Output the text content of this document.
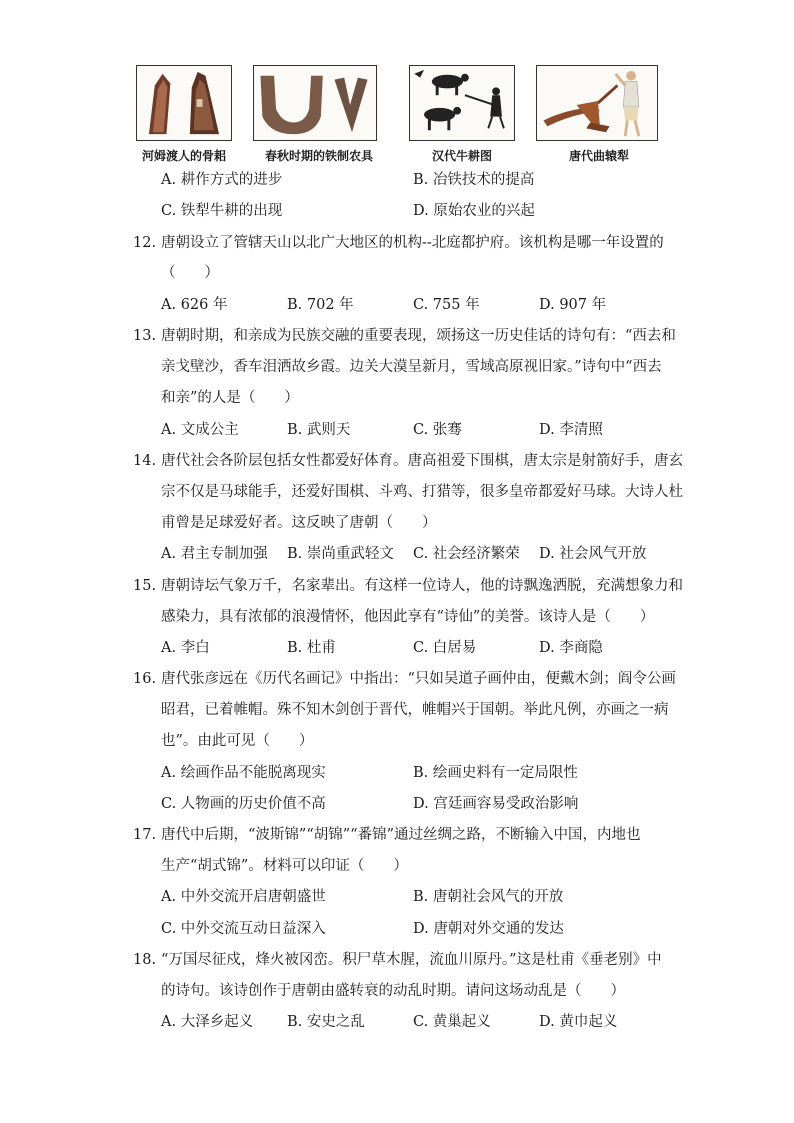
河姆渡人的骨耜	春秋时期的铁制农具	汉代牛耕图	唐代曲辕犁
A. 耕作方式的进步	B. 冶铁技术的提高
C. 铁犁牛耕的出现	D. 原始农业的兴起
12. 唐朝设立了管辖天山以北广大地区的机构--北庭都护府。该机构是哪一年设置的
（　　）
A. 626 年	B. 702 年	C. 755 年	D. 907 年
13. 唐朝时期，和亲成为民族交融的重要表现，颂扬这一历史佳话的诗句有：“西去和
亲戈壁沙，香车泪洒故乡霞。边关大漠呈新月，雪域高原视旧家。”诗句中“西去
和亲”的人是（　　）
A. 文成公主	B. 武则天	C. 张骞	D. 李清照
14. 唐代社会各阶层包括女性都爱好体育。唐高祖爱下围棋，唐太宗是射箭好手，唐玄
宗不仅是马球能手，还爱好围棋、斗鸡、打猎等，很多皇帝都爱好马球。大诗人杜
甫曾是足球爱好者。这反映了唐朝（　　）
A. 君主专制加强 B. 崇尚重武轻文 C. 社会经济繁荣 D. 社会风气开放
15. 唐朝诗坛气象万千，名家辈出。有这样一位诗人，他的诗飘逸洒脱，充满想象力和
感染力，具有浓郁的浪漫情怀，他因此享有“诗仙”的美誉。该诗人是（　　）
A. 李白	B. 杜甫	C. 白居易	D. 李商隐
16. 唐代张彦远在《历代名画记》中指出：“只如吴道子画仲由，便戴木剑；阎令公画
昭君，已着帷帽。殊不知木剑创于晋代，帷帽兴于国朝。举此凡例，亦画之一病
也”。由此可见（　　）
A. 绘画作品不能脱离现实	B. 绘画史料有一定局限性
C. 人物画的历史价值不高	D. 宫廷画容易受政治影响
17. 唐代中后期，“波斯锦”“胡锦”“番锦”通过丝绸之路，不断输入中国，内地也
生产“胡式锦”。材料可以印证（　　）
A. 中外交流开启唐朝盛世	B. 唐朝社会风气的开放
C. 中外交流互动日益深入	D. 唐朝对外交通的发达
18. “万国尽征戍，烽火被冈峦。积尸草木腥，流血川原丹。”这是杜甫《垂老别》中
的诗句。该诗创作于唐朝由盛转衰的动乱时期。请问这场动乱是（　　）
A. 大泽乡起义 B. 安史之乱	C. 黄巢起义	D. 黄巾起义
